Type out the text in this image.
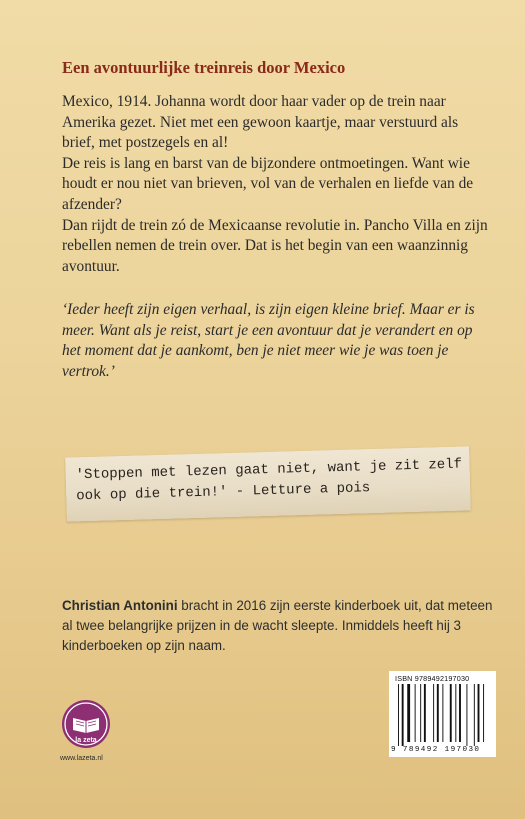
Een avontuurlijke treinreis door Mexico

Mexico, 1914. Johanna wordt door haar vader op de trein naar Amerika gezet. Niet met een gewoon kaartje, maar verstuurd als brief, met postzegels en al!

De reis is lang en barst van de bijzondere ontmoetingen. Want wie houdt er nou niet van brieven, vol van de verhalen en liefde van de afzender?

Dan rijdt de trein zó de Mexicaanse revolutie in. Pancho Villa en zijn rebellen nemen de trein over. Dat is het begin van een waanzinnig avontuur.

‘Ieder heeft zijn eigen verhaal, is zijn eigen kleine brief. Maar er is meer. Want als je reist, start je een avontuur dat je verandert en op het moment dat je aankomt, ben je niet meer wie je was toen je vertrok.’

'Stoppen met lezen gaat niet, want je zit zelf ook op die trein!' - Letture a pois

Christian Antonini bracht in 2016 zijn eerste kinderboek uit, dat meteen al twee belangrijke prijzen in de wacht sleepte. Inmiddels heeft hij 3 kinderboeken op zijn naam.
la zeta
www.lazeta.nl
ISBN 9789492197030
9 789492 197030
